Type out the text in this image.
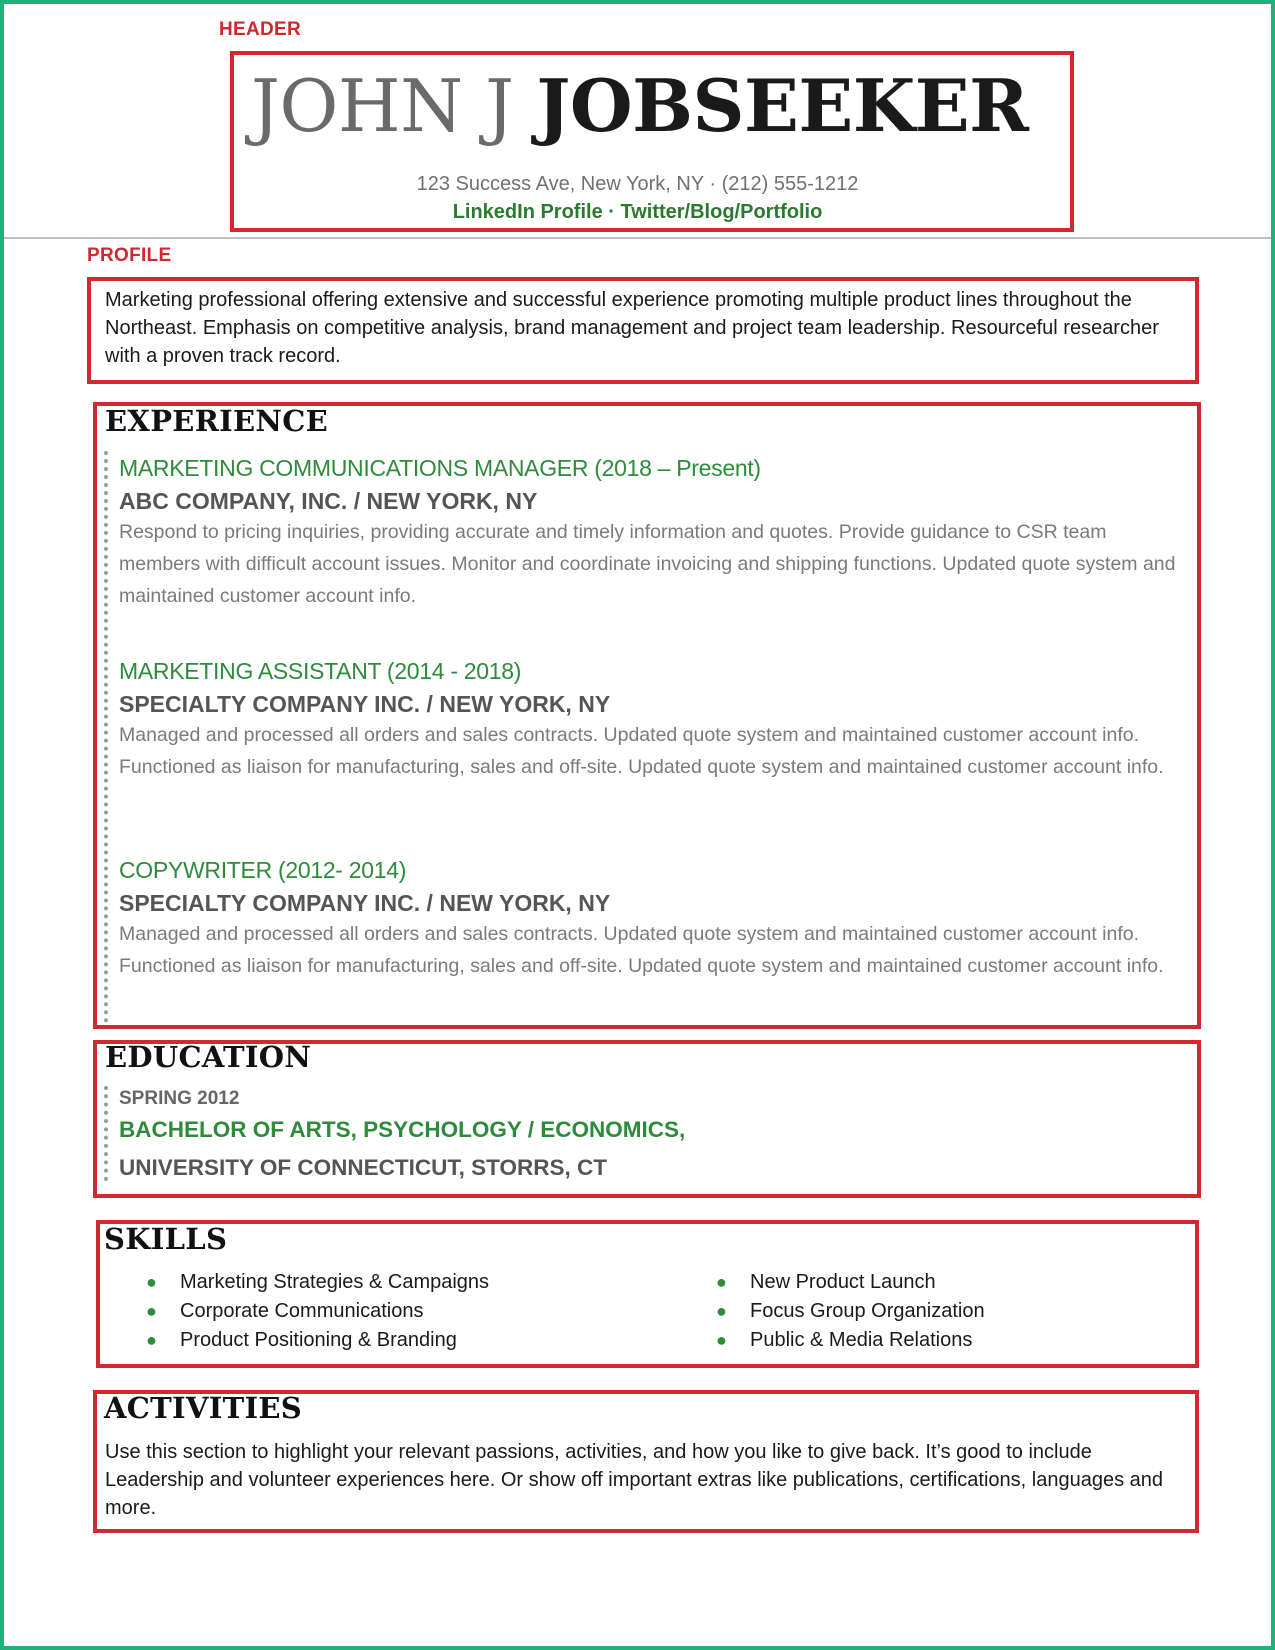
HEADER
JOHN J JOBSEEKER
123 Success Ave, New York, NY · (212) 555-1212
LinkedIn Profile · Twitter/Blog/Portfolio
PROFILE
Marketing professional offering extensive and successful experience promoting multiple product lines throughout the Northeast. Emphasis on competitive analysis, brand management and project team leadership. Resourceful researcher with a proven track record.
EXPERIENCE
MARKETING COMMUNICATIONS MANAGER (2018 – Present)
ABC COMPANY, INC. / NEW YORK, NY
Respond to pricing inquiries, providing accurate and timely information and quotes. Provide guidance to CSR team members with difficult account issues. Monitor and coordinate invoicing and shipping functions. Updated quote system and maintained customer account info.
MARKETING ASSISTANT (2014 - 2018)
SPECIALTY COMPANY INC. / NEW YORK, NY
Managed and processed all orders and sales contracts. Updated quote system and maintained customer account info. Functioned as liaison for manufacturing, sales and off-site. Updated quote system and maintained customer account info.
COPYWRITER (2012- 2014)
SPECIALTY COMPANY INC. / NEW YORK, NY
Managed and processed all orders and sales contracts. Updated quote system and maintained customer account info. Functioned as liaison for manufacturing, sales and off-site. Updated quote system and maintained customer account info.
EDUCATION
SPRING 2012
BACHELOR OF ARTS, PSYCHOLOGY / ECONOMICS,
UNIVERSITY OF CONNECTICUT, STORRS, CT
SKILLS
● Marketing Strategies & Campaigns
● Corporate Communications
● Product Positioning & Branding
● New Product Launch
● Focus Group Organization
● Public & Media Relations
ACTIVITIES
Use this section to highlight your relevant passions, activities, and how you like to give back. It’s good to include Leadership and volunteer experiences here. Or show off important extras like publications, certifications, languages and more.
